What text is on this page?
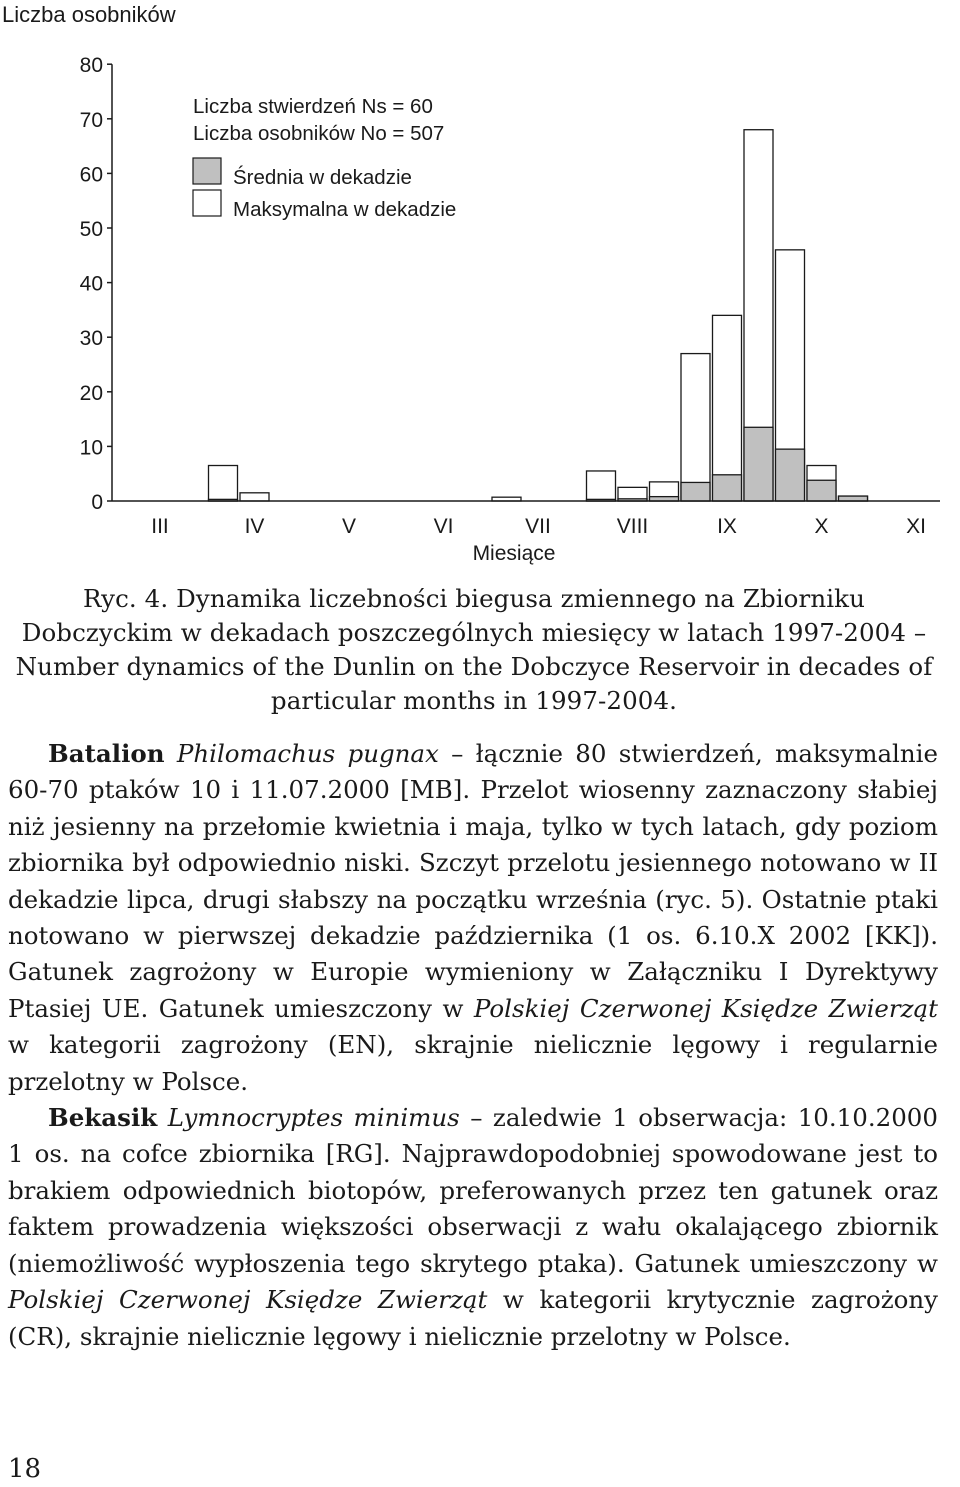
Liczba osobników
0
10
20
30
40
50
60
70
80
III	IV	V	VI	VII	VIII	IX	X	XI
Miesiące
Liczba stwierdzeń Ns = 60
Liczba osobników No = 507
Średnia w dekadzie
Maksymalna w dekadzie
Ryc. 4. Dynamika liczebności biegusa zmiennego na Zbiorniku Dobczyckim w dekadach poszczególnych miesięcy w latach 1997-2004 – Number dynamics of the Dunlin on the Dobczyce Reservoir in decades of particular months in 1997-2004.

Batalion Philomachus pugnax – łącznie 80 stwierdzeń, maksymalnie 60-70 ptaków 10 i 11.07.2000 [MB]. Przelot wiosenny zaznaczony słabiej niż jesienny na przełomie kwietnia i maja, tylko w tych latach, gdy poziom zbiornika był odpowiednio niski. Szczyt przelotu jesiennego notowano w II dekadzie lipca, drugi słabszy na początku września (ryc. 5). Ostatnie ptaki notowano w pierwszej dekadzie października (1 os. 6.10.X 2002 [KK]). Gatunek zagrożony w Europie wymieniony w Załączniku I Dyrektywy Ptasiej UE. Gatunek umieszczony w Polskiej Czerwonej Księdze Zwierząt w kategorii zagrożony (EN), skrajnie nielicznie lęgowy i regularnie przelotny w Polsce.

Bekasik Lymnocryptes minimus – zaledwie 1 obserwacja: 10.10.2000 1 os. na cofce zbiornika [RG]. Najprawdopodobniej spowodowane jest to brakiem odpowiednich biotopów, preferowanych przez ten gatunek oraz faktem prowadzenia większości obserwacji z wału okalającego zbiornik (niemożliwość wypłoszenia tego skrytego ptaka). Gatunek umieszczony w Polskiej Czerwonej Księdze Zwierząt w kategorii krytycznie zagrożony (CR), skrajnie nielicznie lęgowy i nielicznie przelotny w Polsce.

18
